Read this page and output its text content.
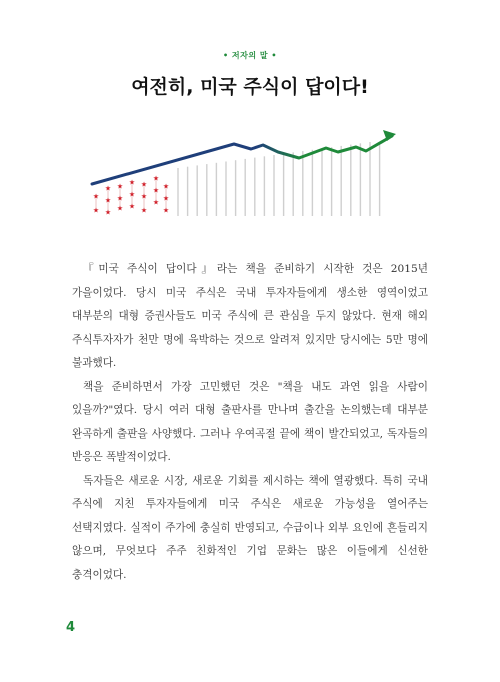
• 저자의 말 •
여전히, 미국 주식이 답이다!
★
★
★
★
★
★
★
★
★
★
★
★
★
★
★
★
★
★
★
★

『미국 주식이 답이다』라는 책을 준비하기 시작한 것은 2015년 가을이었다. 당시 미국 주식은 국내 투자자들에게 생소한 영역이었고 대부분의 대형 증권사들도 미국 주식에 큰 관심을 두지 않았다. 현재 해외 주식투자자가 천만 명에 육박하는 것으로 알려져 있지만 당시에는 5만 명에 불과했다.

책을 준비하면서 가장 고민했던 것은 "책을 내도 과연 읽을 사람이 있을까?"였다. 당시 여러 대형 출판사를 만나며 출간을 논의했는데 대부분 완곡하게 출판을 사양했다. 그러나 우여곡절 끝에 책이 발간되었고, 독자들의 반응은 폭발적이었다.

독자들은 새로운 시장, 새로운 기회를 제시하는 책에 열광했다. 특히 국내 주식에 지친 투자자들에게 미국 주식은 새로운 가능성을 열어주는 선택지였다. 실적이 주가에 충실히 반영되고, 수급이나 외부 요인에 흔들리지 않으며, 무엇보다 주주 친화적인 기업 문화는 많은 이들에게 신선한 충격이었다.

4
